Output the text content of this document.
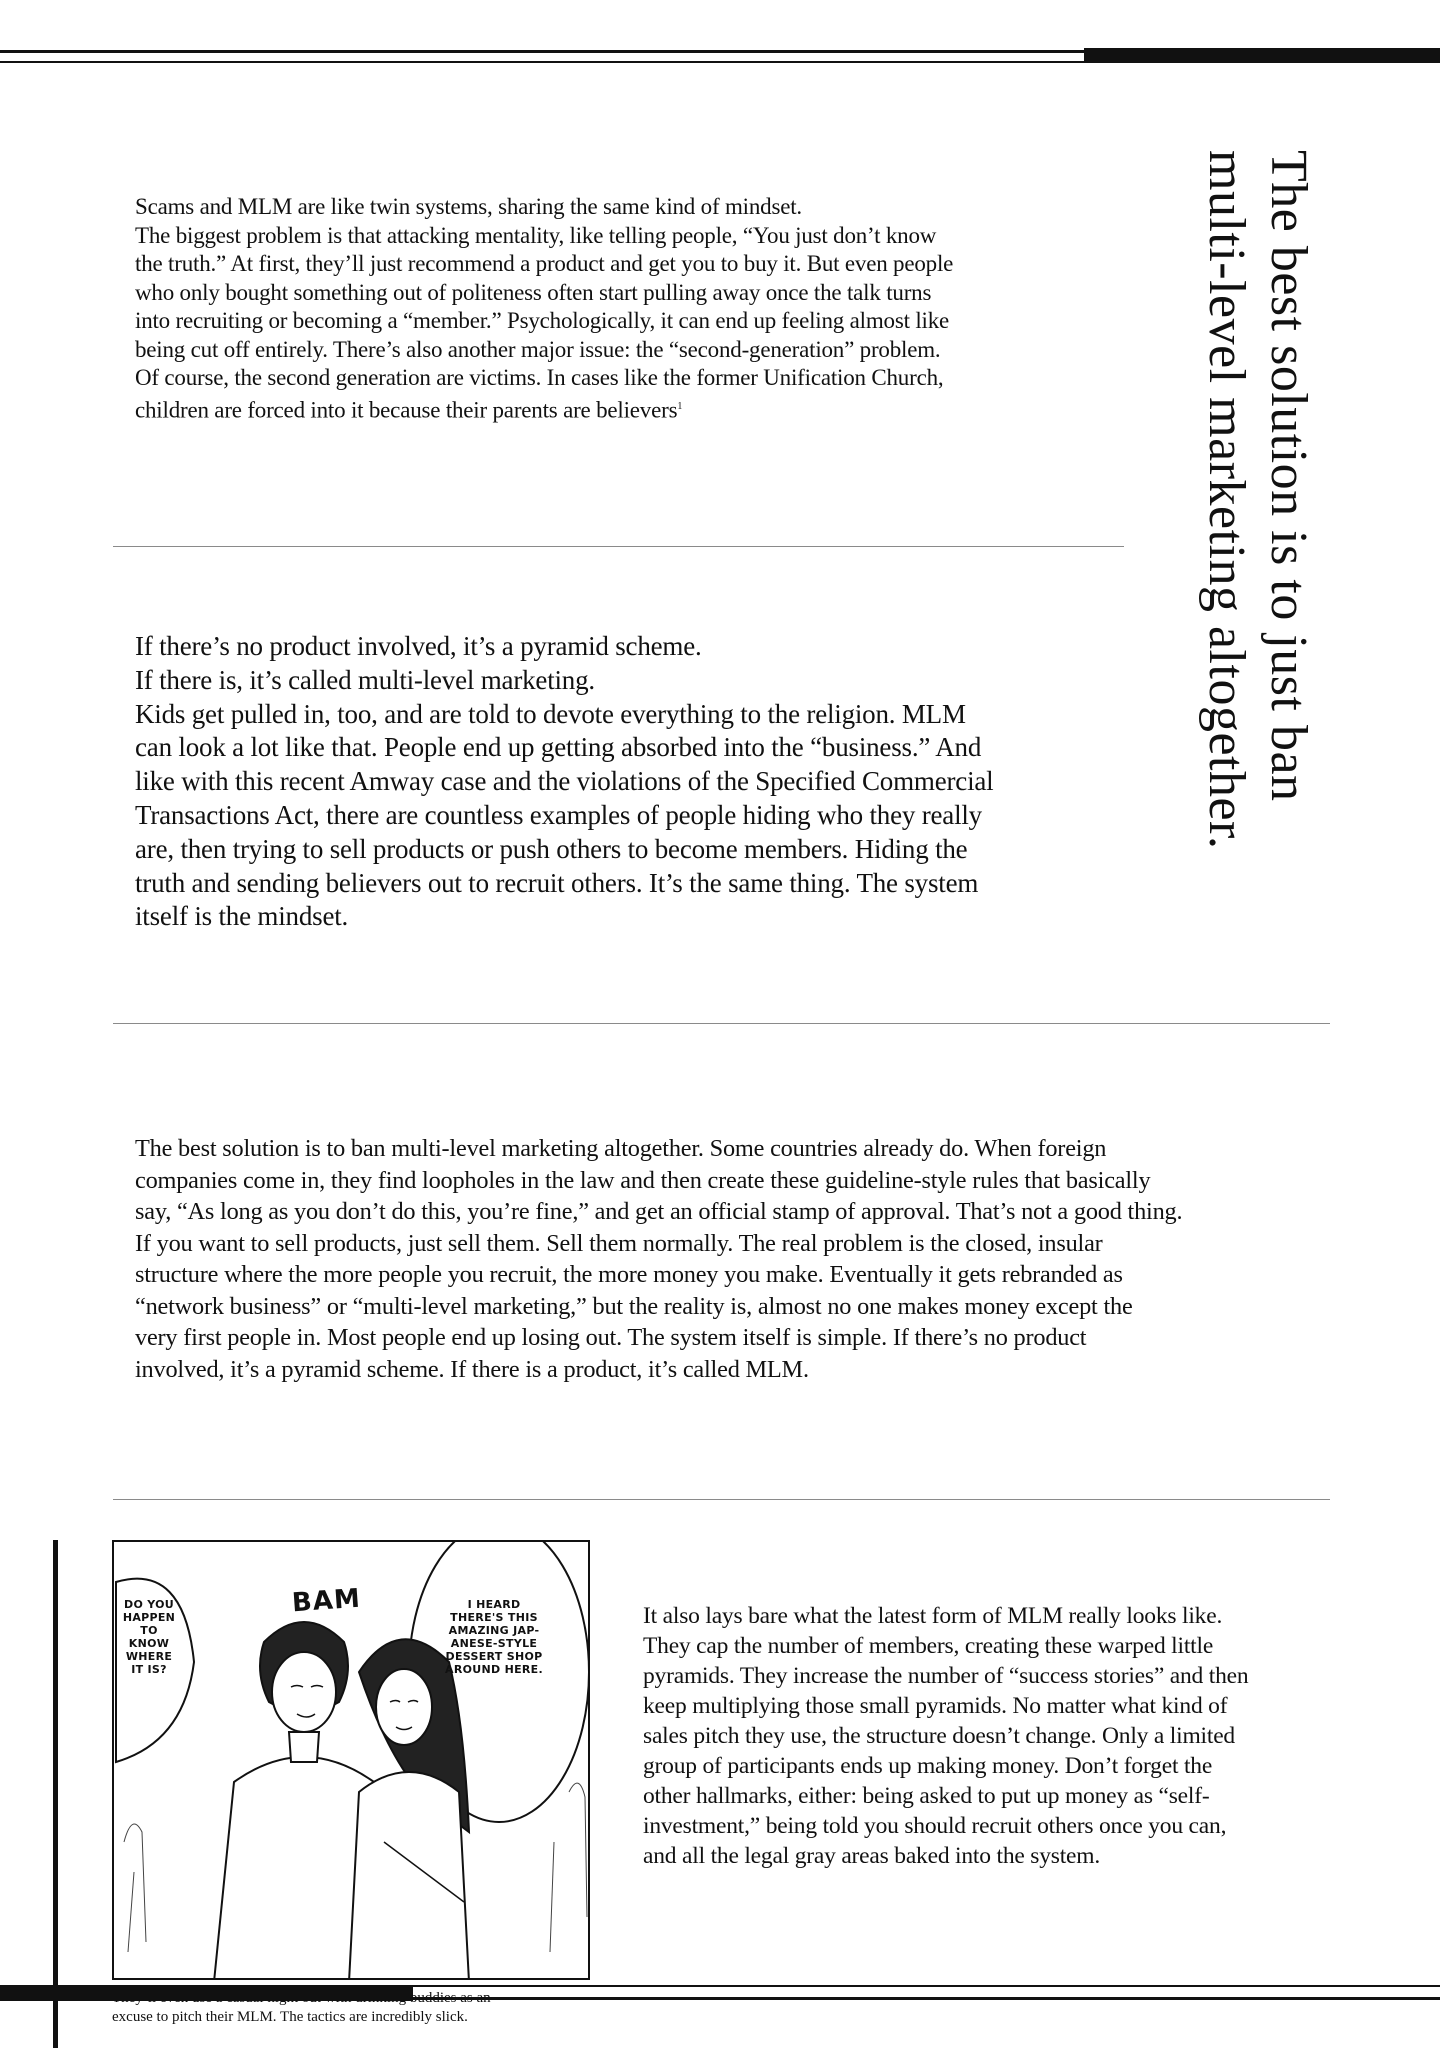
The best solution is to just ban
multi-level marketing altogether.
Scams and MLM are like twin systems, sharing the same kind of mindset.
The biggest problem is that attacking mentality, like telling people, “You just don’t know
the truth.” At first, they’ll just recommend a product and get you to buy it. But even people
who only bought something out of politeness often start pulling away once the talk turns
into recruiting or becoming a “member.” Psychologically, it can end up feeling almost like
being cut off entirely. There’s also another major issue: the “second-generation” problem.
Of course, the second generation are victims. In cases like the former Unification Church,
children are forced into it because their parents are believers$^1$
If there’s no product involved, it’s a pyramid scheme.
If there is, it’s called multi-level marketing.
Kids get pulled in, too, and are told to devote everything to the religion. MLM
can look a lot like that. People end up getting absorbed into the “business.” And
like with this recent Amway case and the violations of the Specified Commercial
Transactions Act, there are countless examples of people hiding who they really
are, then trying to sell products or push others to become members. Hiding the
truth and sending believers out to recruit others. It’s the same thing. The system
itself is the mindset.
The best solution is to ban multi-level marketing altogether. Some countries already do. When foreign
companies come in, they find loopholes in the law and then create these guideline-style rules that basically
say, “As long as you don’t do this, you’re fine,” and get an official stamp of approval. That’s not a good thing.
If you want to sell products, just sell them. Sell them normally. The real problem is the closed, insular
structure where the more people you recruit, the more money you make. Eventually it gets rebranded as
“network business” or “multi-level marketing,” but the reality is, almost no one makes money except the
very first people in. Most people end up losing out. The system itself is simple. If there’s no product
involved, it’s a pyramid scheme. If there is a product, it’s called MLM.
DO YOU
HAPPEN
TO
KNOW
WHERE
IT IS?
BAM	I HEARD
THERE'S THIS
AMAZING JAP-
ANESE-STYLE
DESSERT SHOP
AROUND HERE.
buddies
excuse to pitch their MLM. The tactics are incredibly slick.
It also lays bare what the latest form of MLM really looks like.
They cap the number of members, creating these warped little
pyramids. They increase the number of “success stories” and then
keep multiplying those small pyramids. No matter what kind of
sales pitch they use, the structure doesn’t change. Only a limited
group of participants ends up making money. Don’t forget the
other hallmarks, either: being asked to put up money as “self-
investment,” being told you should recruit others once you can,
and all the legal gray areas baked into the system.
